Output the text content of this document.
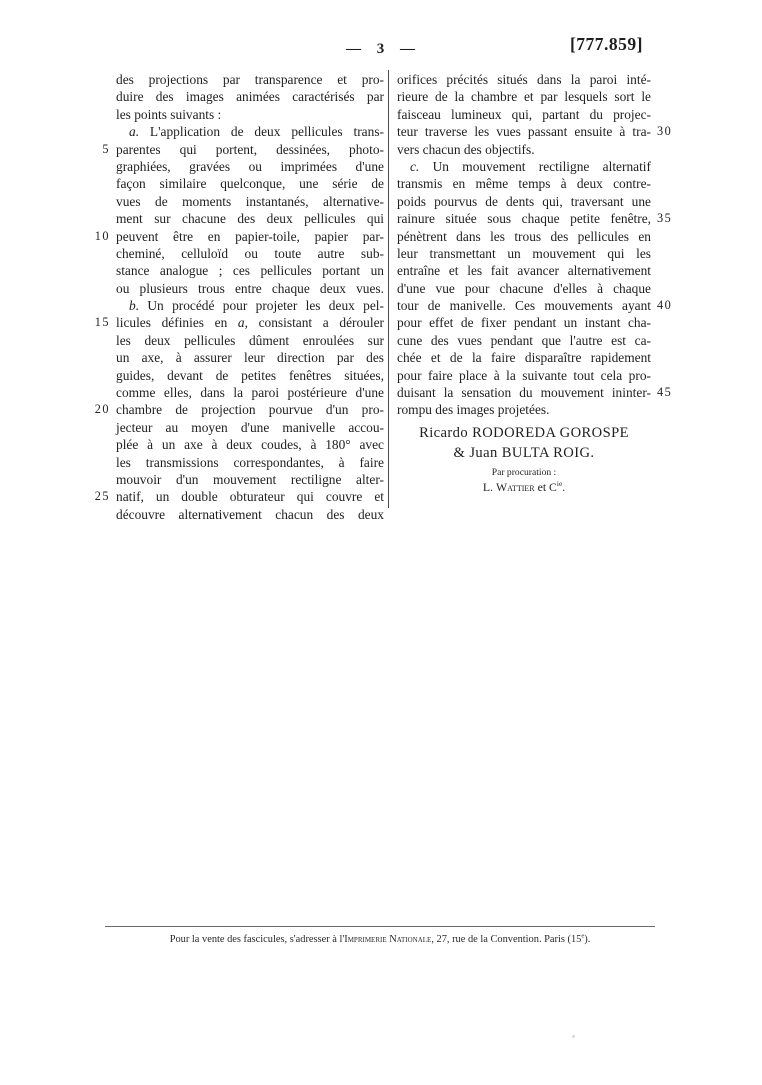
— 3 —	[777.859]
des projections par transparence et pro-
duire des images animées caractérisés par
les points suivants :
a. L'application de deux pellicules trans-
parentes qui portent, dessinées, photo-
5
graphiées, gravées ou imprimées d'une
façon similaire quelconque, une série de
vues de moments instantanés, alternative-
ment sur chacune des deux pellicules qui
peuvent être en papier-toile, papier par-
10
cheminé, celluloïd ou toute autre sub-
stance analogue ; ces pellicules portant un
ou plusieurs trous entre chaque deux vues.
b. Un procédé pour projeter les deux pel-
licules définies en a, consistant a dérouler
15
les deux pellicules dûment enroulées sur
un axe, à assurer leur direction par des
guides, devant de petites fenêtres situées,
comme elles, dans la paroi postérieure d'une
chambre de projection pourvue d'un pro-
20
jecteur au moyen d'une manivelle accou-
plée à un axe à deux coudes, à 180° avec
les transmissions correspondantes, à faire
mouvoir d'un mouvement rectiligne alter-
natif, un double obturateur qui couvre et
25
découvre alternativement chacun des deux
orifices précités situés dans la paroi inté-
rieure de la chambre et par lesquels sort le
faisceau lumineux qui, partant du projec-
teur traverse les vues passant ensuite à tra- 30
vers chacun des objectifs.
c. Un mouvement rectiligne alternatif
transmis en même temps à deux contre-
poids pourvus de dents qui, traversant une
rainure située sous chaque petite fenêtre, 35
pénètrent dans les trous des pellicules en
leur transmettant un mouvement qui les
entraîne et les fait avancer alternativement
d'une vue pour chacune d'elles à chaque
tour de manivelle. Ces mouvements ayant 40
pour effet de fixer pendant un instant cha-
cune des vues pendant que l'autre est ca-
chée et de la faire disparaître rapidement
pour faire place à la suivante tout cela pro-
duisant la sensation du mouvement ininter- 45
rompu des images projetées.
Ricardo RODOREDA GOROSPE
& Juan BULTA ROIG.
Par procuration :
L. Wattier et $C^{ie}$.
Pour la vente des fascicules, s'adresser à l'Imprimerie Nationale, 27, rue de la Convention. Paris (15e).
